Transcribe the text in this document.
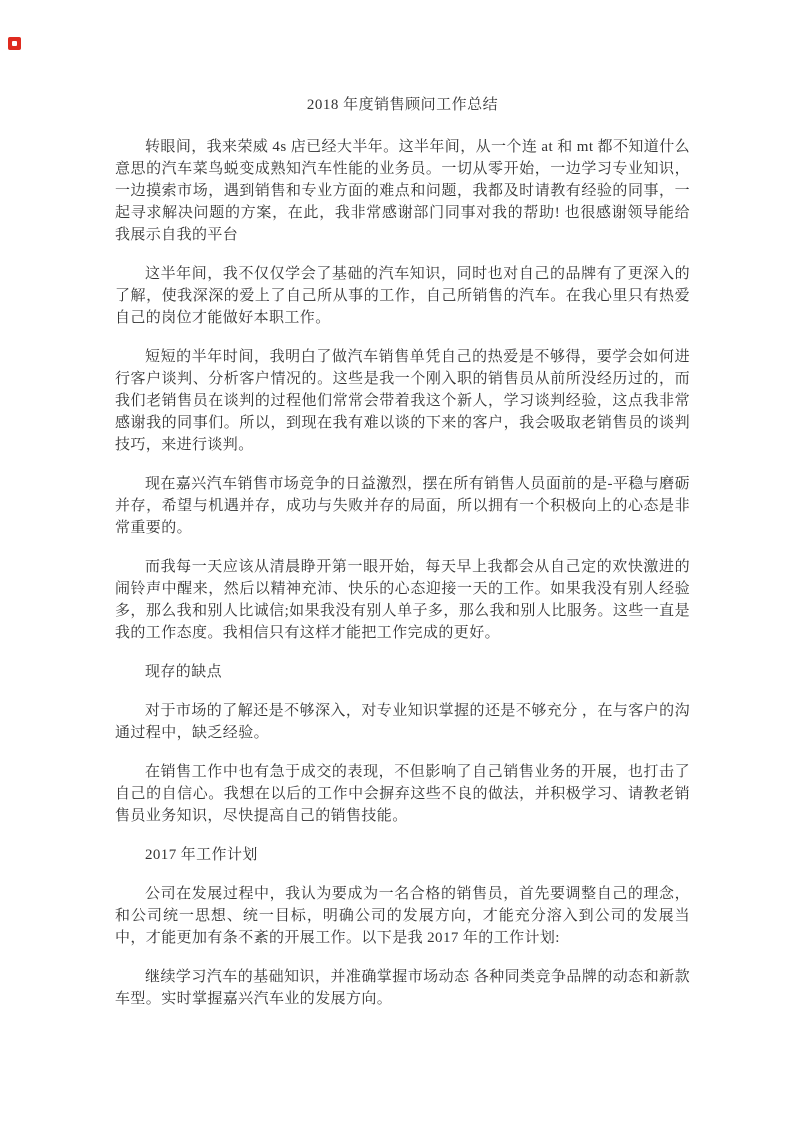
2018 年度销售顾问工作总结

转眼间，我来荣威 4s 店已经大半年。这半年间，从一个连 at 和 mt 都不知道什么意思的汽车菜鸟蜕变成熟知汽车性能的业务员。一切从零开始，一边学习专业知识，一边摸索市场，遇到销售和专业方面的难点和问题，我都及时请教有经验的同事，一起寻求解决问题的方案，在此，我非常感谢部门同事对我的帮助! 也很感谢领导能给我展示自我的平台

这半年间，我不仅仅学会了基础的汽车知识，同时也对自己的品牌有了更深入的了解，使我深深的爱上了自己所从事的工作，自己所销售的汽车。在我心里只有热爱自己的岗位才能做好本职工作。

短短的半年时间，我明白了做汽车销售单凭自己的热爱是不够得，要学会如何进行客户谈判、分析客户情况的。这些是我一个刚入职的销售员从前所没经历过的，而我们老销售员在谈判的过程他们常常会带着我这个新人，学习谈判经验，这点我非常感谢我的同事们。所以，到现在我有难以谈的下来的客户，我会吸取老销售员的谈判技巧，来进行谈判。

现在嘉兴汽车销售市场竞争的日益激烈，摆在所有销售人员面前的是-平稳与磨砺并存，希望与机遇并存，成功与失败并存的局面，所以拥有一个积极向上的心态是非常重要的。

而我每一天应该从清晨睁开第一眼开始，每天早上我都会从自己定的欢快激进的闹铃声中醒来，然后以精神充沛、快乐的心态迎接一天的工作。如果我没有别人经验多，那么我和别人比诚信;如果我没有别人单子多，那么我和别人比服务。这些一直是我的工作态度。我相信只有这样才能把工作完成的更好。

现存的缺点

对于市场的了解还是不够深入，对专业知识掌握的还是不够充分 ，在与客户的沟通过程中，缺乏经验。

在销售工作中也有急于成交的表现，不但影响了自己销售业务的开展，也打击了自己的自信心。我想在以后的工作中会摒弃这些不良的做法，并积极学习、请教老销售员业务知识，尽快提高自己的销售技能。

2017 年工作计划

公司在发展过程中，我认为要成为一名合格的销售员，首先要调整自己的理念，和公司统一思想、统一目标，明确公司的发展方向，才能充分溶入到公司的发展当中，才能更加有条不紊的开展工作。以下是我 2017 年的工作计划:

继续学习汽车的基础知识，并准确掌握市场动态 各种同类竞争品牌的动态和新款车型。实时掌握嘉兴汽车业的发展方向。
